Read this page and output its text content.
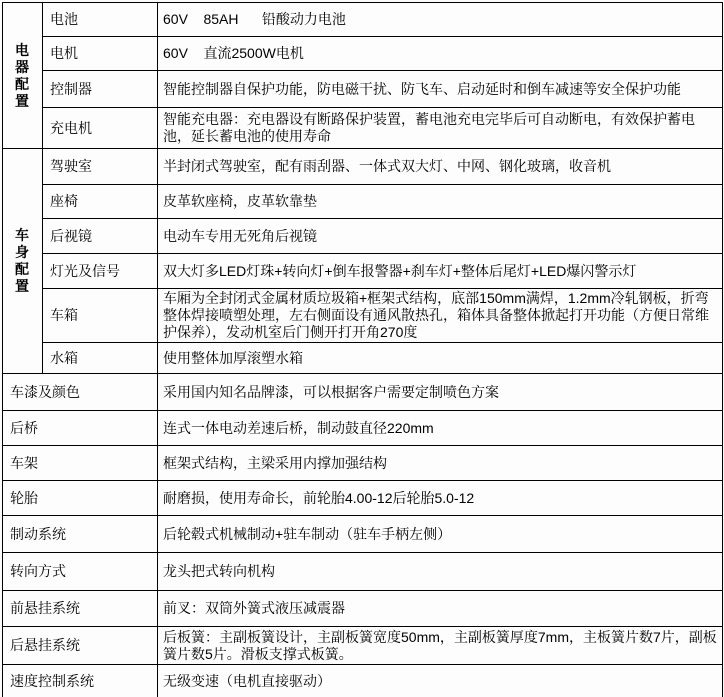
电器配置	电池	60V    85AH      铅酸动力电池
	电机	60V    直流2500W电机
	控制器	智能控制器自保护功能，防电磁干扰、防飞车、启动延时和倒车减速等安全保护功能
	充电机	智能充电器：充电器设有断路保护装置，蓄电池充电完毕后可自动断电，有效保护蓄电池，延长蓄电池的使用寿命
车身配置	驾驶室	半封闭式驾驶室，配有雨刮器、一体式双大灯、中网、钢化玻璃，收音机
	座椅	皮革软座椅，皮革软靠垫
	后视镜	电动车专用无死角后视镜
	灯光及信号	双大灯多LED灯珠+转向灯+倒车报警器+刹车灯+整体后尾灯+LED爆闪警示灯
	车箱	车厢为全封闭式金属材质垃圾箱+框架式结构，底部150mm满焊，1.2mm冷轧钢板，折弯整体焊接喷塑处理，左右侧面设有通风散热孔，箱体具备整体掀起打开功能（方便日常维护保养），发动机室后门侧开打开角270度
	水箱	使用整体加厚滚塑水箱
车漆及颜色		采用国内知名品牌漆，可以根据客户需要定制喷色方案
后桥		连式一体电动差速后桥，制动鼓直径220mm
车架		框架式结构，主梁采用内撑加强结构
轮胎		耐磨损，使用寿命长，前轮胎4.00-12后轮胎5.0-12
制动系统		后轮毂式机械制动+驻车制动（驻车手柄左侧）
转向方式		龙头把式转向机构
前悬挂系统		前叉：双筒外簧式液压减震器
后悬挂系统		后板簧：主副板簧设计，主副板簧宽度50mm，主副板簧厚度7mm，主板簧片数7片，副板簧片数5片。滑板支撑式板簧。
速度控制系统		无级变速（电机直接驱动）
